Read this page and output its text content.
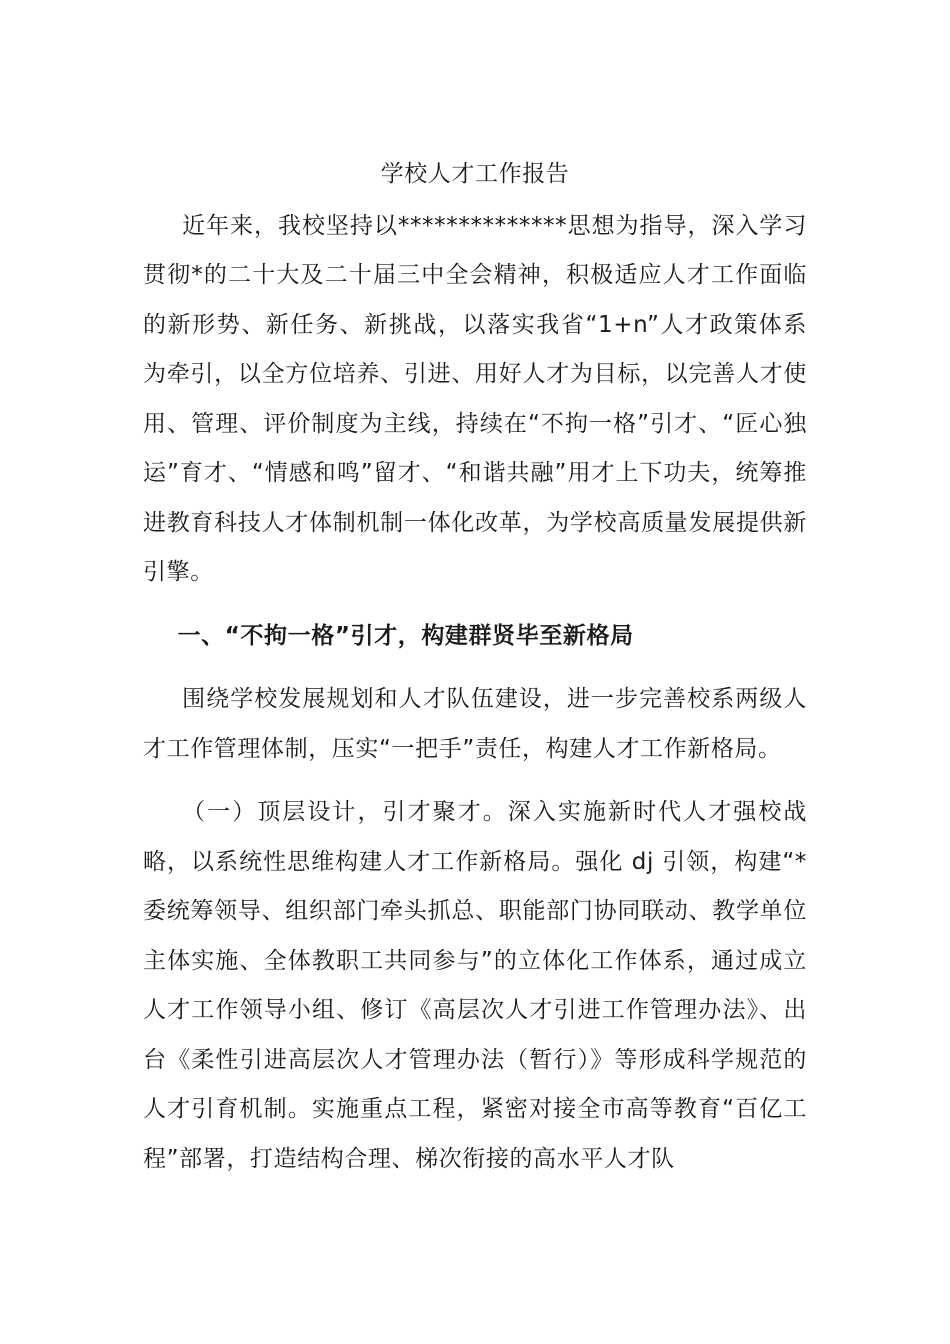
学校人才工作报告

近年来，我校坚持以**************思想为指导，深入学习贯彻*的二十大及二十届三中全会精神，积极适应人才工作面临的新形势、新任务、新挑战，以落实我省“1+n”人才政策体系为牵引，以全方位培养、引进、用好人才为目标，以完善人才使用、管理、评价制度为主线，持续在“不拘一格”引才、“匠心独运”育才、“情感和鸣”留才、“和谐共融”用才上下功夫，统筹推进教育科技人才体制机制一体化改革，为学校高质量发展提供新引擎。

一、“不拘一格”引才，构建群贤毕至新格局

围绕学校发展规划和人才队伍建设，进一步完善校系两级人才工作管理体制，压实“一把手”责任，构建人才工作新格局。

（一）顶层设计，引才聚才。深入实施新时代人才强校战略，以系统性思维构建人才工作新格局。强化 dj 引领，构建“*委统筹领导、组织部门牵头抓总、职能部门协同联动、教学单位主体实施、全体教职工共同参与”的立体化工作体系，通过成立人才工作领导小组、修订《高层次人才引进工作管理办法》、出台《柔性引进高层次人才管理办法（暂行）》等形成科学规范的人才引育机制。实施重点工程，紧密对接全市高等教育“百亿工程”部署，打造结构合理、梯次衔接的高水平人才队
